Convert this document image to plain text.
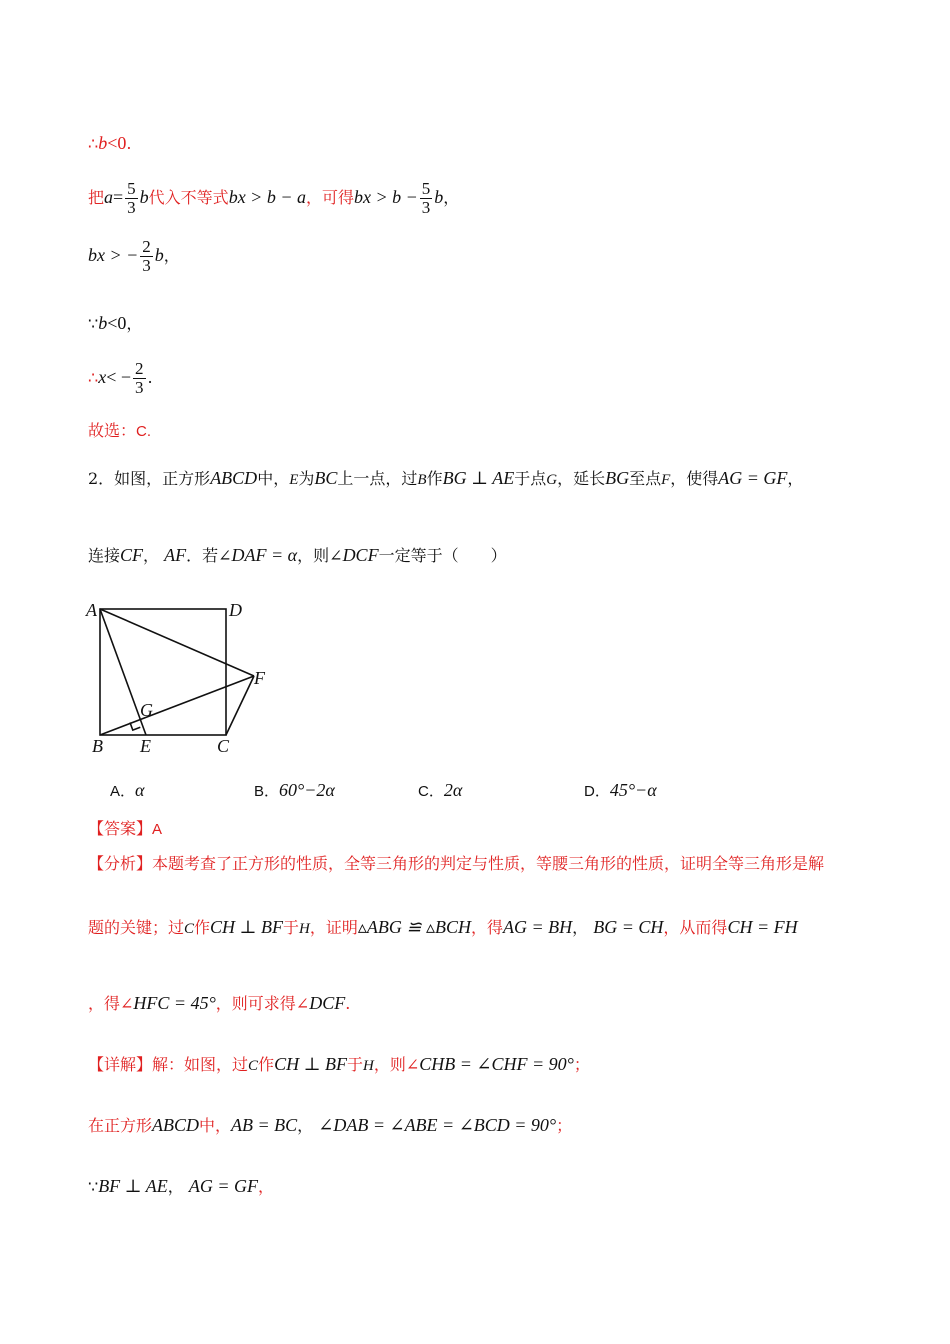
∴b<0.
把$a= \frac{5}{3}$ b代入不等式bx > b − a，可得bx > $b - \frac{5}{3}$ b，
bx > − $\frac{2}{3}$ b，
∵b<0，
∴x< − $\frac{2}{3}$ .
故选：C.
2．如图，正方形ABCD中，E为BC上一点，过B作BG ⊥ AE于点G，延长BG至点F，使得AG = GF，
连接CF， AF．若∠DAF = α，则∠DCF一定等于（　　）
A	D
F
G
B E	C
A．α	B．60°−2α	C．2α	D．45°−α
【答案】A
【分析】本题考查了正方形的性质，全等三角形的判定与性质，等腰三角形的性质，证明全等三角形是解
题的关键；过C作CH ⊥ BF于H，证明▵ABG ≌ ▵BCH，得AG = BH， BG = CH，从而得CH = FH
，得∠HFC = 45°，则可求得∠DCF.
【详解】解：如图，过C作CH ⊥ BF于H，则∠CHB = ∠CHF = 90°；
在正方形ABCD中，AB = BC， ∠DAB = ∠ABE = ∠BCD = 90°；
∵BF ⊥ AE， AG = GF，
